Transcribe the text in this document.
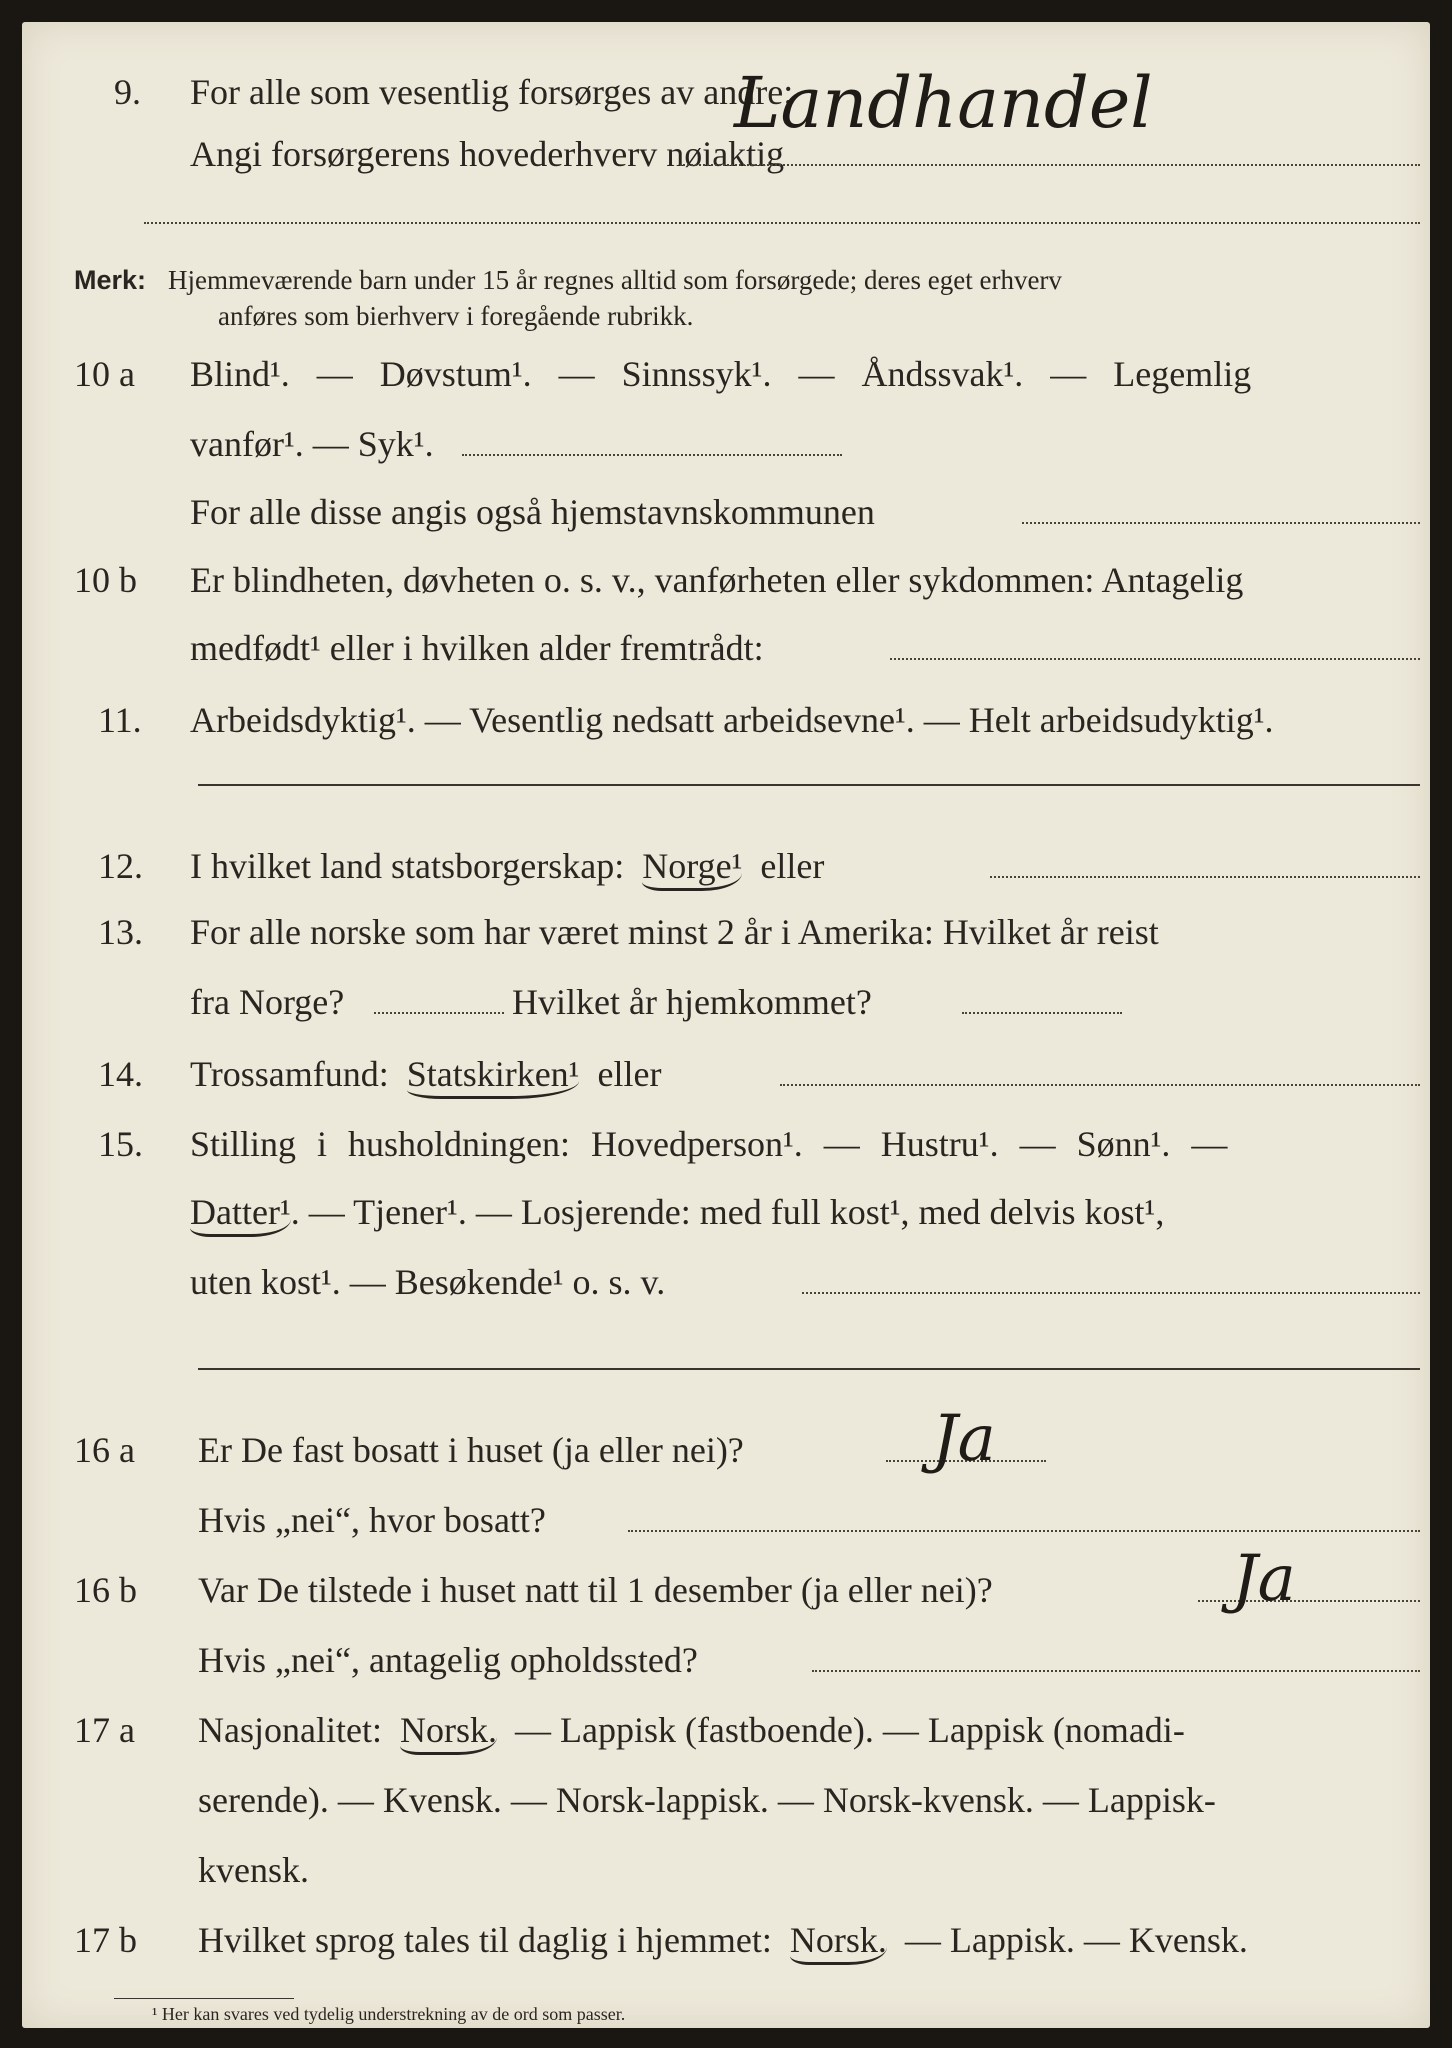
9. For alle som vesentlig forsørges av andre:
Angi forsørgerens hovederhverv nøiaktig
Landhandel
Merk: Hjemmeværende barn under 15 år regnes alltid som forsørgede; deres eget erhverv
anføres som bierhverv i foregående rubrikk.
10 a Blind¹. — Døvstum¹. — Sinnssyk¹. — Åndssvak¹. — Legemlig
vanfør¹. — Syk¹.
For alle disse angis også hjemstavnskommunen
10 b Er blindheten, døvheten o. s. v., vanførheten eller sykdommen: Antagelig
medfødt¹ eller i hvilken alder fremtrådt:
11. Arbeidsdyktig¹. — Vesentlig nedsatt arbeidsevne¹. — Helt arbeidsudyktig¹.
12. I hvilket land statsborgerskap: Norge¹ eller
13. For alle norske som har været minst 2 år i Amerika: Hvilket år reist
fra Norge?	Hvilket år hjemkommet?
14. Trossamfund: Statskirken¹ eller
15. Stilling i husholdningen: Hovedperson¹. — Hustru¹. — Sønn¹. —
Datter¹. — Tjener¹. — Losjerende: med full kost¹, med delvis kost¹,
uten kost¹. — Besøkende¹ o. s. v.
16 a Er De fast bosatt i huset (ja eller nei)?	Ja
Hvis „nei“, hvor bosatt?
16 b Var De tilstede i huset natt til 1 desember (ja eller nei)?	Ja
Hvis „nei“, antagelig opholdssted?
17 a Nasjonalitet: Norsk. — Lappisk (fastboende). — Lappisk (nomadi-
serende). — Kvensk. — Norsk-lappisk. — Norsk-kvensk. — Lappisk-
kvensk.
17 b Hvilket sprog tales til daglig i hjemmet: Norsk. — Lappisk. — Kvensk.
¹ Her kan svares ved tydelig understrekning av de ord som passer.
